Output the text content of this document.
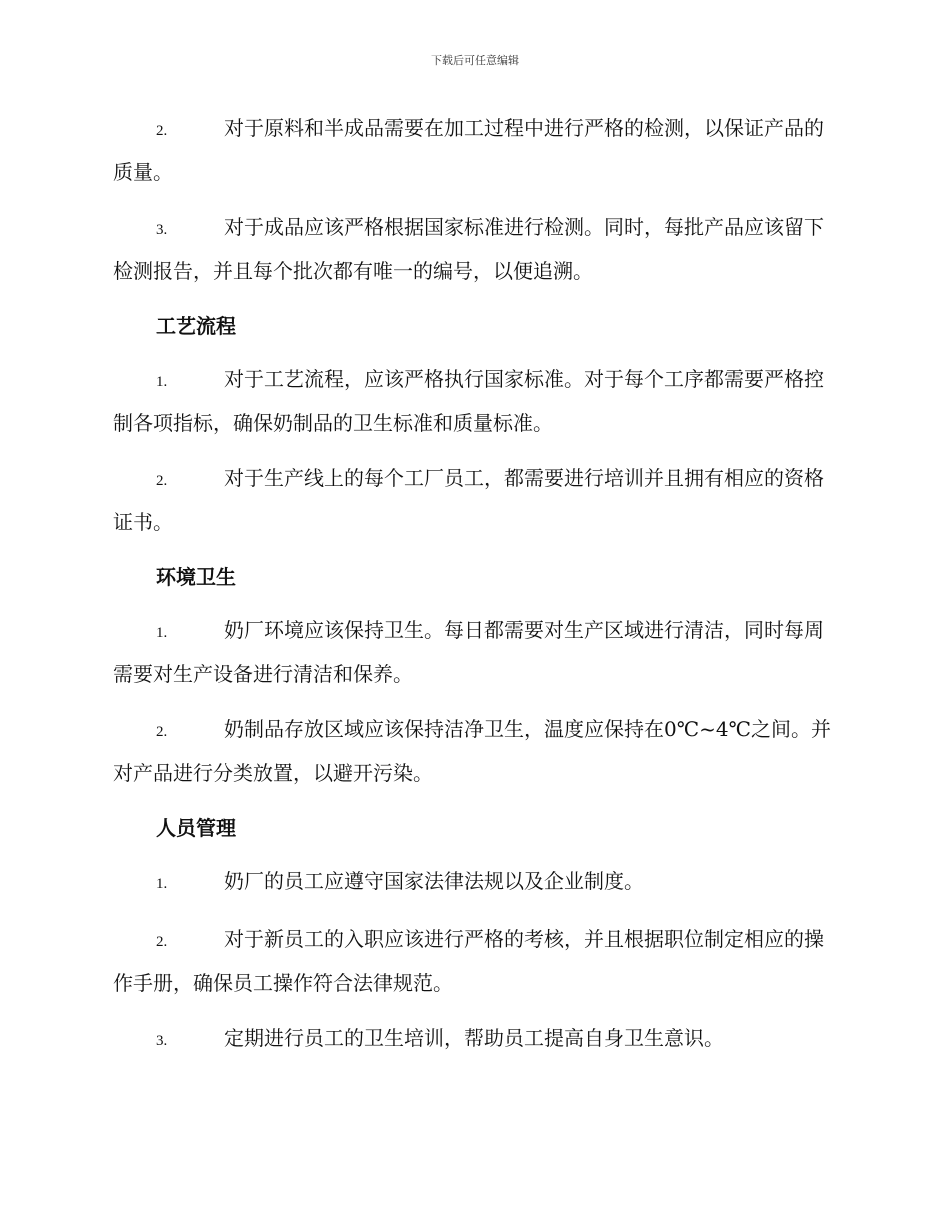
下载后可任意编辑

2.	对于原料和半成品需要在加工过程中进行严格的检测，以保证产品的质量。

3.	对于成品应该严格根据国家标准进行检测。同时，每批产品应该留下检测报告，并且每个批次都有唯一的编号，以便追溯。

工艺流程

1.	对于工艺流程，应该严格执行国家标准。对于每个工序都需要严格控制各项指标，确保奶制品的卫生标准和质量标准。

2.	对于生产线上的每个工厂员工，都需要进行培训并且拥有相应的资格证书。

环境卫生

1.	奶厂环境应该保持卫生。每日都需要对生产区域进行清洁，同时每周需要对生产设备进行清洁和保养。

2.	奶制品存放区域应该保持洁净卫生，温度应保持在0℃~4℃之间。并对产品进行分类放置，以避开污染。

人员管理

1.	奶厂的员工应遵守国家法律法规以及企业制度。

2.	对于新员工的入职应该进行严格的考核，并且根据职位制定相应的操作手册，确保员工操作符合法律规范。

3.	定期进行员工的卫生培训，帮助员工提高自身卫生意识。
